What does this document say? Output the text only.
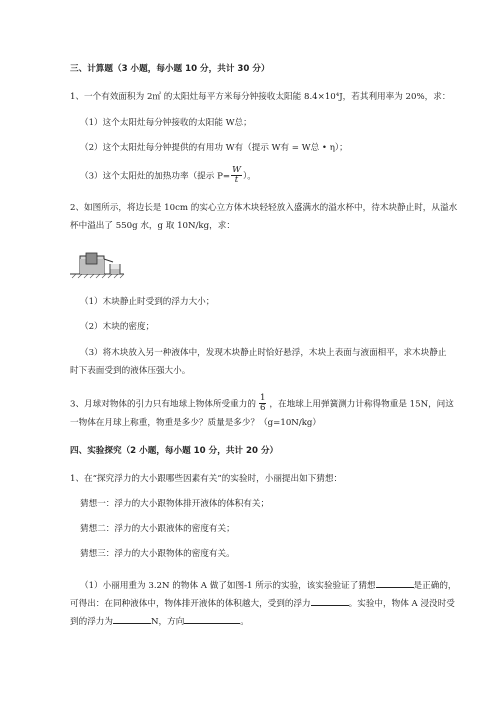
三、计算题（3 小题，每小题 10 分，共计 30 分）
1、一个有效面积为 2㎡ 的太阳灶每平方米每分钟接收太阳能 8.4×10⁴J，若其利用率为 20%，求：
（1）这个太阳灶每分钟接收的太阳能 W总；
（2）这个太阳灶每分钟提供的有用功 W有（提示 W有 = W总 • η）；
（3）这个太阳灶的加热功率（提示 $P= \frac{W}{t}$ ）。
2、如图所示，将边长是 10cm 的实心立方体木块轻轻放入盛满水的溢水杯中，待木块静止时，从溢水
杯中溢出了 550g 水，g 取 10N/kg，求：
（1）木块静止时受到的浮力大小；
（2）木块的密度；
（3）将木块放入另一种液体中，发现木块静止时恰好悬浮，木块上表面与液面相平，求木块静止
时下表面受到的液体压强大小。
3、月球对物体的引力只有地球上物体所受重力的 $\frac{1}{6}$ ，在地球上用弹簧测力计称得物重是 15N，问这
一物体在月球上称重，物重是多少？质量是多少？（g=10N/kg）
四、实验探究（2 小题，每小题 10 分，共计 20 分）
1、在“探究浮力的大小跟哪些因素有关”的实验时，小丽提出如下猜想：
猜想一：浮力的大小跟物体排开液体的体积有关；
猜想二：浮力的大小跟液体的密度有关；
猜想三：浮力的大小跟物体的密度有关。
（1）小丽用重为 3.2N 的物体 A 做了如图-1 所示的实验，该实验验证了猜想	是正确的，
可得出：在同种液体中，物体排开液体的体积越大，受到的浮力	。实验中，物体 A 浸没时受
到的浮力为	N，方向	。
